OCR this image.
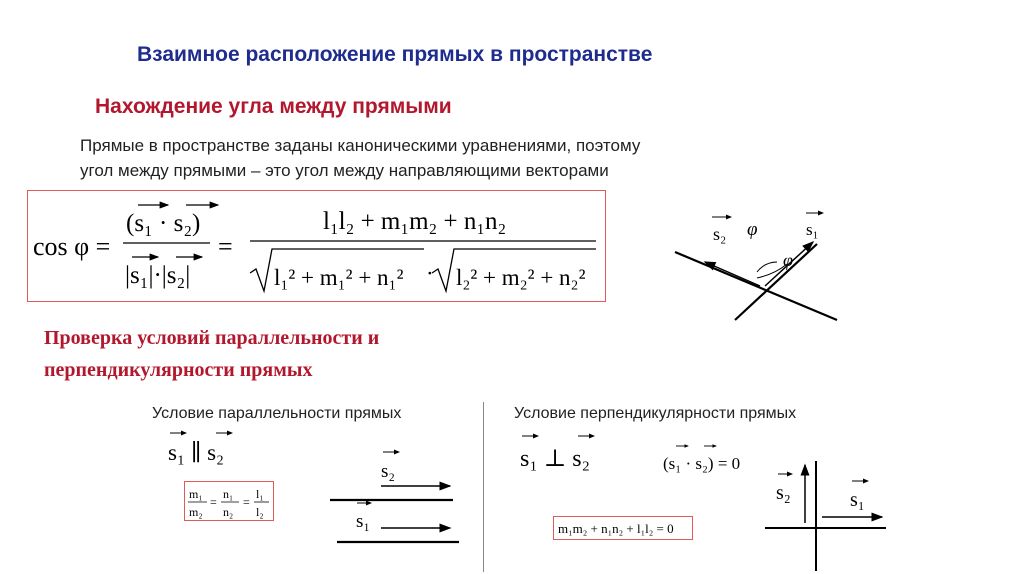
Взаимное расположение прямых в пространстве
Нахождение угла между прямыми
Прямые в пространстве заданы каноническими уравнениями, поэтому
угол между прямыми – это угол между направляющими векторами
cos φ =
(s₁ · s₂)
|s₁|·|s₂|
=
l₁l₂ + m₁m₂ + n₁n₂
l₁² + m₁² + n₁² · l₂² + m₂² + n₂²
s₂	s₁
φ
φ
Проверка условий параллельности и
перпендикулярности прямых
Условие параллельности прямых
s₁ ∥ s₂
m₁
m₂
=
n₁
n₂
=
l₁
l₂
s₂
s₁
Условие перпендикулярности прямых
s₁ ⊥ s₂	(s₁ · s₂) = 0
m₁m₂ + n₁n₂ + l₁l₂ = 0
s₂	s₁
